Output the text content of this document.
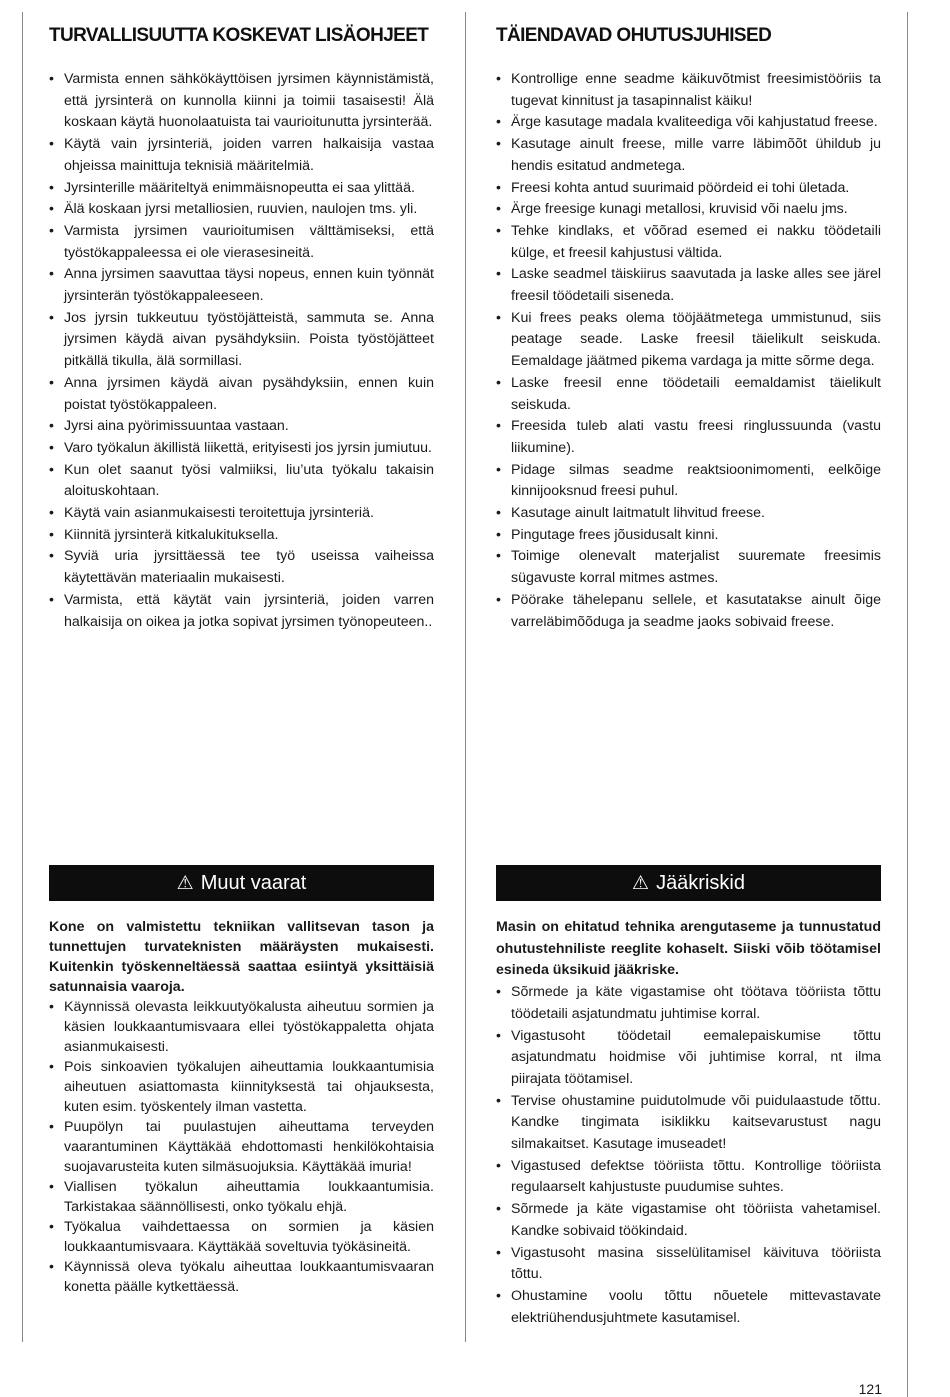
TURVALLISUUTTA KOSKEVAT LISÄOHJEET
• Varmista ennen sähkökäyttöisen jyrsimen käynnistämistä, että jyrsinterä on kunnolla kiinni ja toimii tasaisesti! Älä koskaan käytä huonolaatuista tai vaurioitunutta jyrsinterää.
• Käytä vain jyrsinteriä, joiden varren halkaisija vastaa ohjeissa mainittuja teknisiä määritelmiä.
• Jyrsinterille määriteltyä enimmäisnopeutta ei saa ylittää.
• Älä koskaan jyrsi metalliosien, ruuvien, naulojen tms. yli.
• Varmista jyrsimen vaurioitumisen välttämiseksi, että työstökappaleessa ei ole vierasesineitä.
• Anna jyrsimen saavuttaa täysi nopeus, ennen kuin työnnät jyrsinterän työstökappaleeseen.
• Jos jyrsin tukkeutuu työstöjätteistä, sammuta se. Anna jyrsimen käydä aivan pysähdyksiin. Poista työstöjätteet pitkällä tikulla, älä sormillasi.
• Anna jyrsimen käydä aivan pysähdyksiin, ennen kuin poistat työstökappaleen.
• Jyrsi aina pyörimissuuntaa vastaan.
• Varo työkalun äkillistä liikettä, erityisesti jos jyrsin jumiutuu.
• Kun olet saanut työsi valmiiksi, liu’uta työkalu takaisin aloituskohtaan.
• Käytä vain asianmukaisesti teroitettuja jyrsinteriä.
• Kiinnitä jyrsinterä kitkalukituksella.
• Syviä uria jyrsittäessä tee työ useissa vaiheissa käytettävän materiaalin mukaisesti.
• Varmista, että käytät vain jyrsinteriä, joiden varren halkaisija on oikea ja jotka sopivat jyrsimen työnopeuteen..
TÄIENDAVAD OHUTUSJUHISED
• Kontrollige enne seadme käikuvõtmist freesimistööriis ta tugevat kinnitust ja tasapinnalist käiku!
• Ärge kasutage madala kvaliteediga või kahjustatud freese.
• Kasutage ainult freese, mille varre läbimõõt ühildub ju hendis esitatud andmetega.
• Freesi kohta antud suurimaid pöördeid ei tohi ületada.
• Ärge freesige kunagi metallosi, kruvisid või naelu jms.
• Tehke kindlaks, et võõrad esemed ei nakku töödetaili külge, et freesil kahjustusi vältida.
• Laske seadmel täiskiirus saavutada ja laske alles see järel freesil töödetaili siseneda.
• Kui frees peaks olema tööjäätmetega ummistunud, siis peatage seade. Laske freesil täielikult seiskuda. Eemaldage jäätmed pikema vardaga ja mitte sõrme dega.
• Laske freesil enne töödetaili eemaldamist täielikult seiskuda.
• Freesida tuleb alati vastu freesi ringlussuunda (vastu liikumine).
• Pidage silmas seadme reaktsioonimomenti, eelkõige kinnijooksnud freesi puhul.
• Kasutage ainult laitmatult lihvitud freese.
• Pingutage frees jõusidusalt kinni.
• Toimige olenevalt materjalist suuremate freesimis sügavuste korral mitmes astmes.
• Pöörake tähelepanu sellele, et kasutatakse ainult õige varreläbimõõduga ja seadme jaoks sobivaid freese.
⚠ Muut vaarat	⚠ Jääkriskid

Kone on valmistettu tekniikan vallitsevan tason ja tunnettujen turvateknisten määräysten mukaisesti. Kuitenkin työskenneltäessä saattaa esiintyä yksittäisiä satunnaisia vaaroja.

• Käynnissä olevasta leikkuutyökalusta aiheutuu sormien ja käsien loukkaantumisvaara ellei työstökappaletta ohjata asianmukaisesti.
• Pois sinkoavien työkalujen aiheuttamia loukkaantumisia aiheutuen asiattomasta kiinnityksestä tai ohjauksesta, kuten esim. työskentely ilman vastetta.
• Puupölyn tai puulastujen aiheuttama terveyden vaarantuminen Käyttäkää ehdottomasti henkilökohtaisia suojavarusteita kuten silmäsuojuksia. Käyttäkää imuria!
• Viallisen työkalun aiheuttamia loukkaantumisia. Tarkistakaa säännöllisesti, onko työkalu ehjä.
• Työkalua vaihdettaessa on sormien ja käsien loukkaantumisvaara. Käyttäkää soveltuvia työkäsineitä.
• Käynnissä oleva työkalu aiheuttaa loukkaantumisvaaran konetta päälle kytkettäessä.

Masin on ehitatud tehnika arengutaseme ja tunnustatud ohutustehniliste reeglite kohaselt. Siiski võib töötamisel esineda üksikuid jääkriske.

• Sõrmede ja käte vigastamise oht töötava tööriista tõttu töödetaili asjatundmatu juhtimise korral.
• Vigastusoht töödetail eemalepaiskumise tõttu asjatundmatu hoidmise või juhtimise korral, nt ilma piirajata töötamisel.
• Tervise ohustamine puidutolmude või puidulaastude tõttu. Kandke tingimata isiklikku kaitsevarustust nagu silmakaitset. Kasutage imuseadet!
• Vigastused defektse tööriista tõttu. Kontrollige tööriista regulaarselt kahjustuste puudumise suhtes.
• Sõrmede ja käte vigastamise oht tööriista vahetamisel. Kandke sobivaid töökindaid.
• Vigastusoht masina sisselülitamisel käivituva tööriista tõttu.
• Ohustamine voolu tõttu nõuetele mittevastavate elektriühendusjuhtmete kasutamisel.
121
